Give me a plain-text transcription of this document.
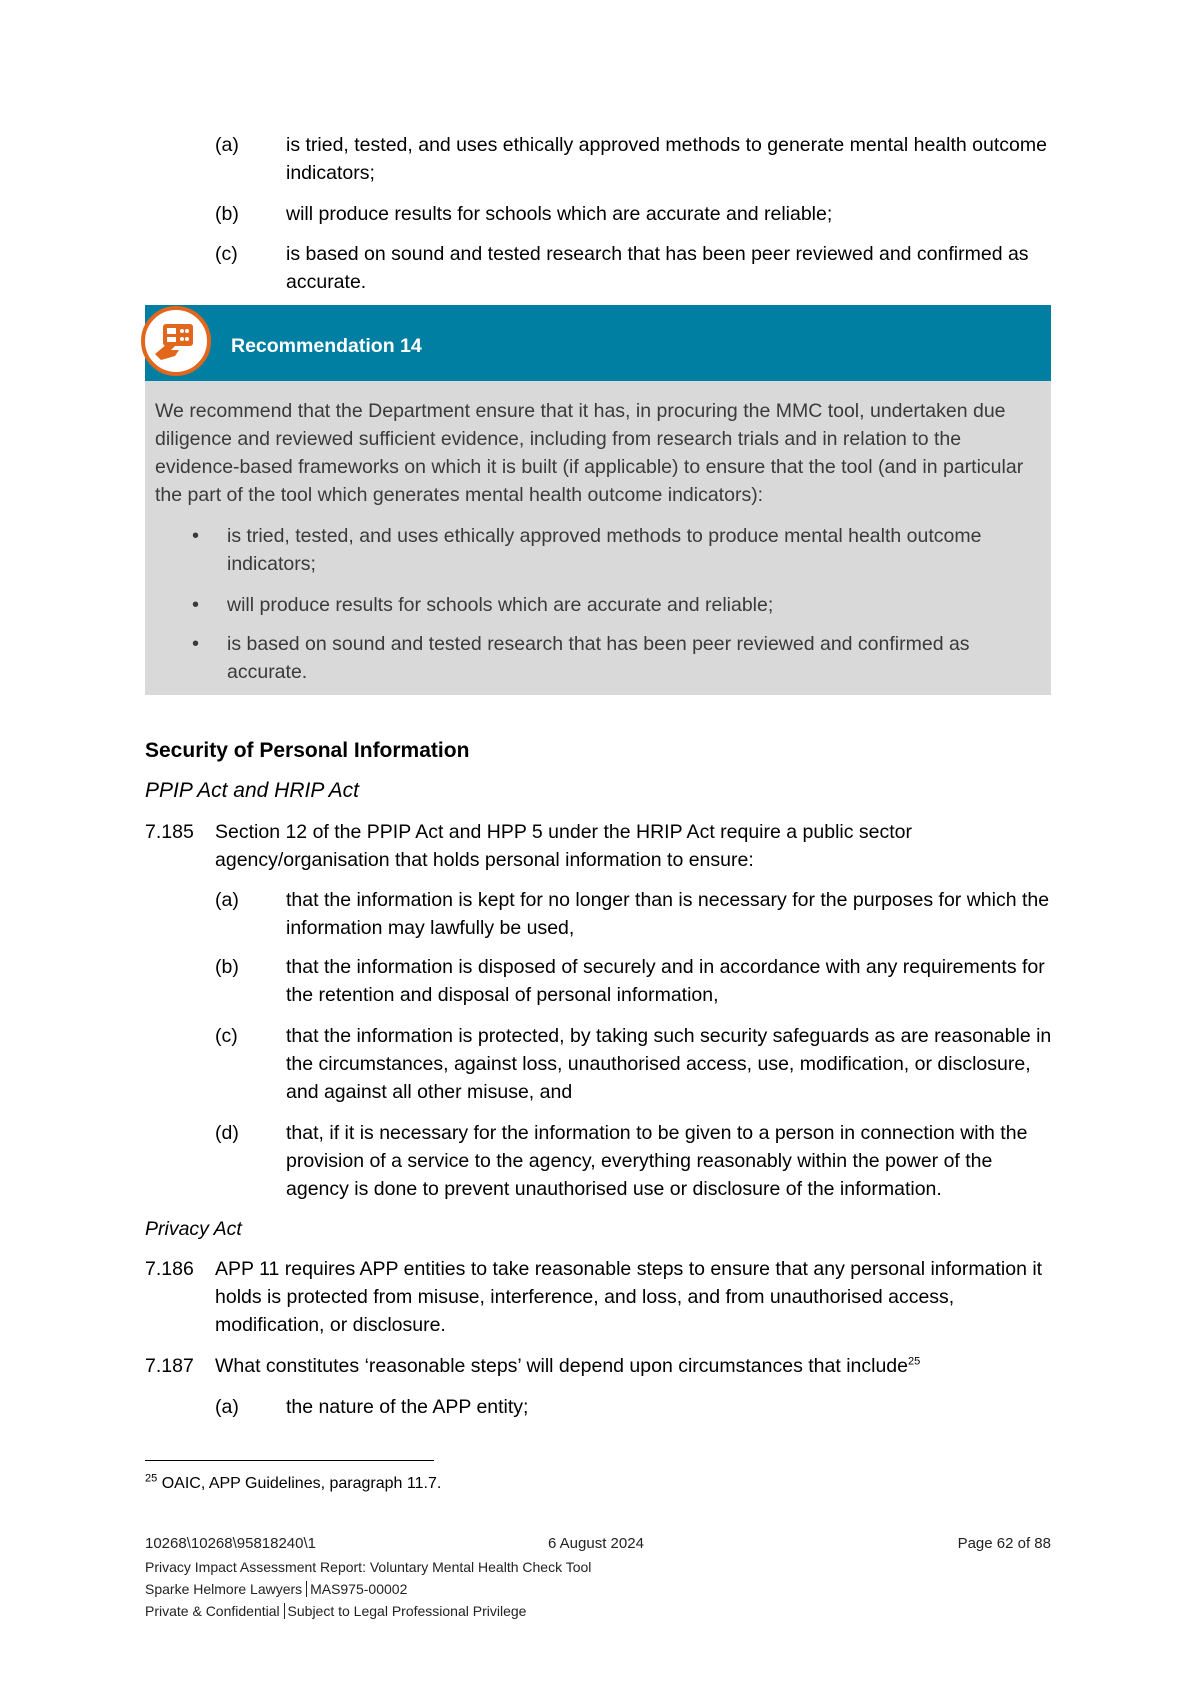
(a) is tried, tested, and uses ethically approved methods to generate mental health outcome indicators;
(b) will produce results for schools which are accurate and reliable;
(c) is based on sound and tested research that has been peer reviewed and confirmed as accurate.
Recommendation 14
We recommend that the Department ensure that it has, in procuring the MMC tool, undertaken due diligence and reviewed sufficient evidence, including from research trials and in relation to the evidence-based frameworks on which it is built (if applicable) to ensure that the tool (and in particular the part of the tool which generates mental health outcome indicators):
• is tried, tested, and uses ethically approved methods to produce mental health outcome indicators;
• will produce results for schools which are accurate and reliable;
• is based on sound and tested research that has been peer reviewed and confirmed as accurate.
Security of Personal Information
PPIP Act and HRIP Act
7.185 Section 12 of the PPIP Act and HPP 5 under the HRIP Act require a public sector agency/organisation that holds personal information to ensure:
(a) that the information is kept for no longer than is necessary for the purposes for which the information may lawfully be used,
(b) that the information is disposed of securely and in accordance with any requirements for the retention and disposal of personal information,
(c) that the information is protected, by taking such security safeguards as are reasonable in the circumstances, against loss, unauthorised access, use, modification, or disclosure, and against all other misuse, and
(d) that, if it is necessary for the information to be given to a person in connection with the provision of a service to the agency, everything reasonably within the power of the agency is done to prevent unauthorised use or disclosure of the information.
Privacy Act
7.186 APP 11 requires APP entities to take reasonable steps to ensure that any personal information it holds is protected from misuse, interference, and loss, and from unauthorised access, modification, or disclosure.
7.187 What constitutes ‘reasonable steps’ will depend upon circumstances that include$^{25}$
(a) the nature of the APP entity;
$^{25}$ OAIC, APP Guidelines, paragraph 11.7.
10268\10268\95818240\1	6 August 2024	Page 62 of 88
Privacy Impact Assessment Report: Voluntary Mental Health Check Tool
Sparke Helmore Lawyers MAS975-00002
Private & Confidential Subject to Legal Professional Privilege
